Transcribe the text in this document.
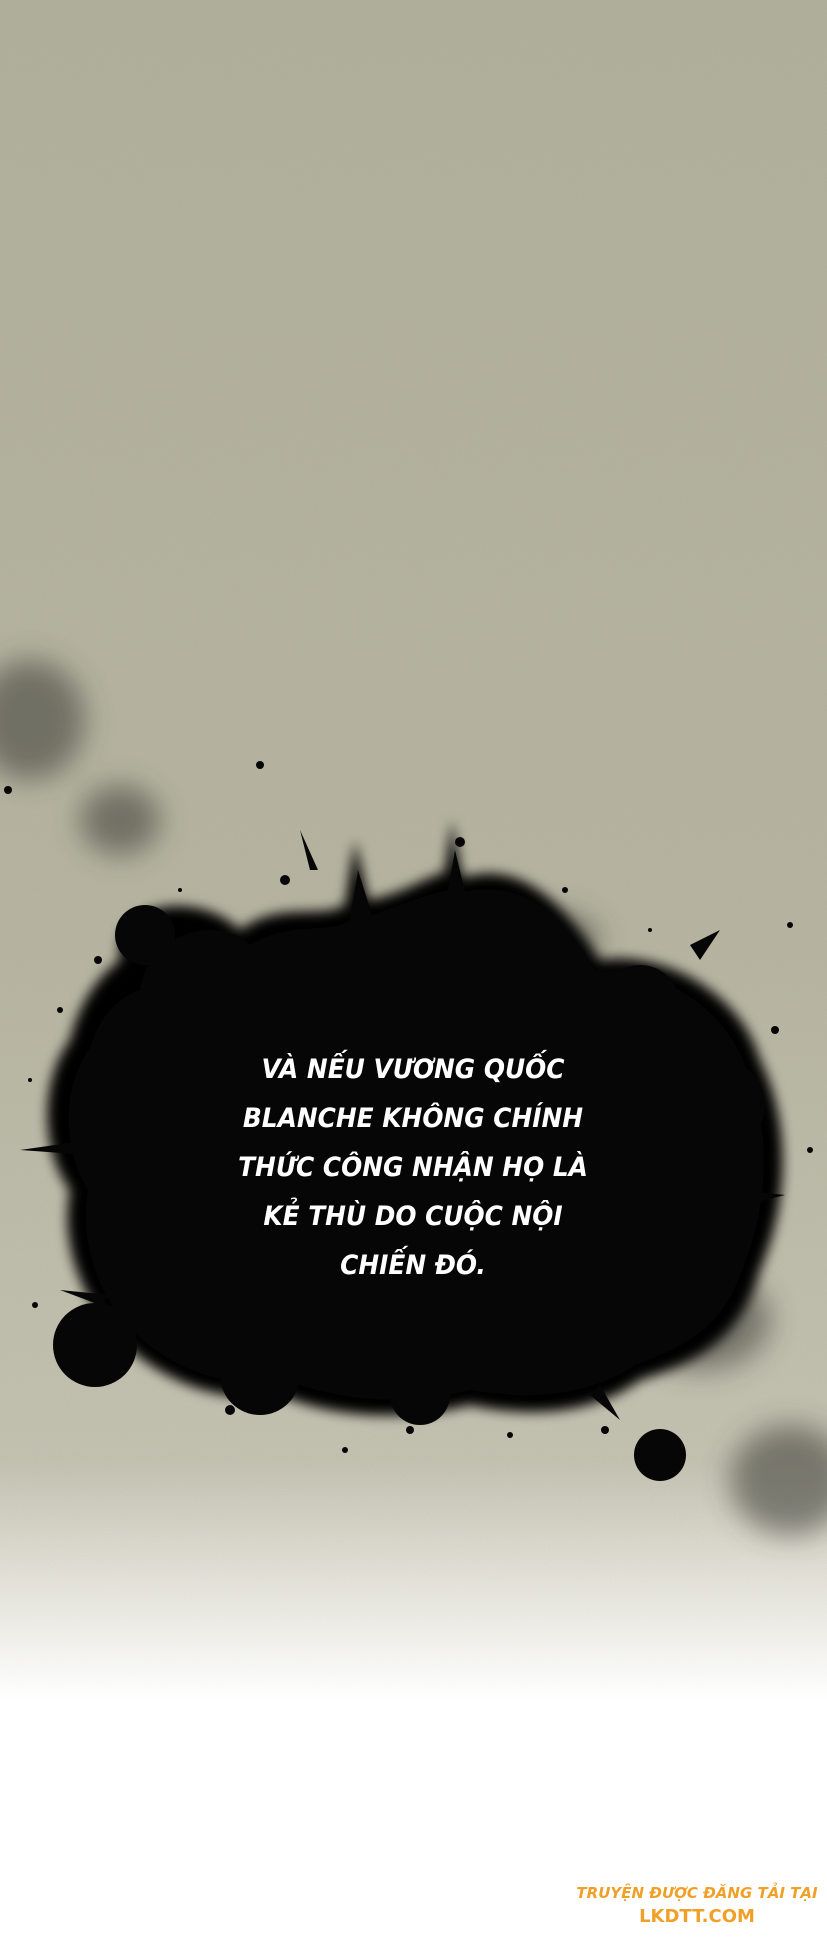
VÀ NẾU VƯƠNG QUỐC
BLANCHE KHÔNG CHÍNH
THỨC CÔNG NHẬN HỌ LÀ
KẺ THÙ DO CUỘC NỘI
CHIẾN ĐÓ.

TRUYỆN ĐƯỢC ĐĂNG TẢI TẠI
LKDTT.COM
